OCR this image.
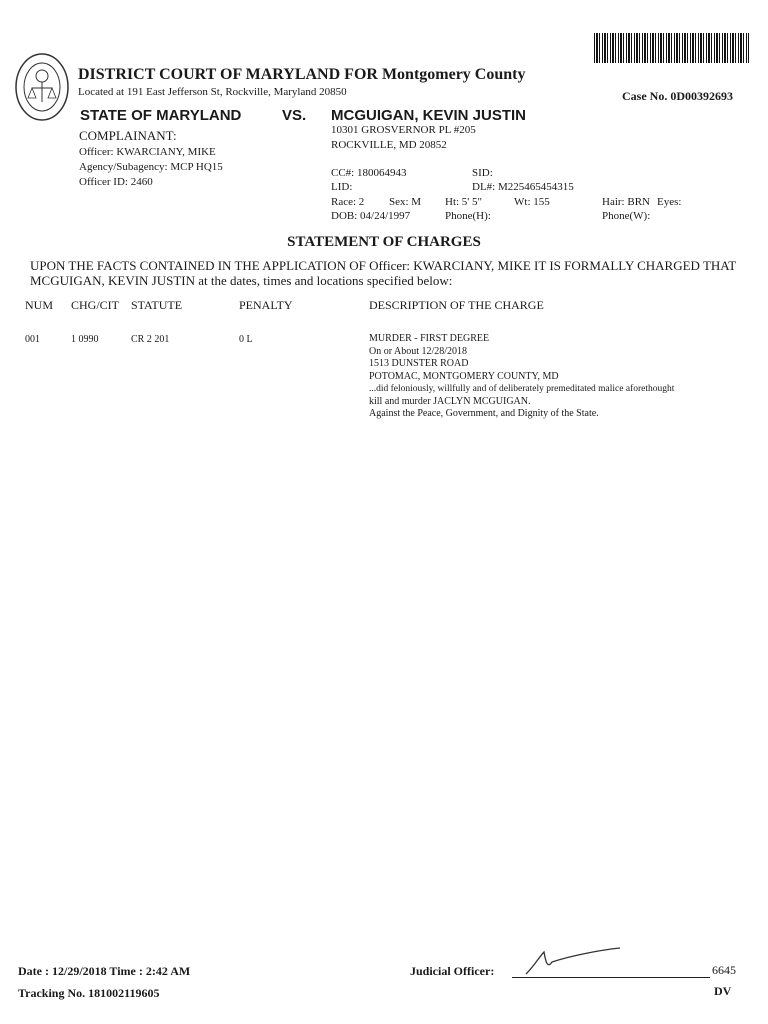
DISTRICT COURT OF MARYLAND FOR Montgomery County
Located at 191 East Jefferson St, Rockville, Maryland 20850	Case No. 0D00392693
STATE OF MARYLAND	VS. MCGUIGAN, KEVIN JUSTIN
10301 GROSVERNOR PL #205
ROCKVILLE, MD 20852
COMPLAINANT:
Officer: KWARCIANY, MIKE
Agency/Subagency: MCP HQ15
Officer ID: 2460
CC#: 180064943	SID:
LID:	DL#: M225465454315
Race: 2 Sex: M Ht: 5' 5"	Wt: 155	Hair: BRN Eyes:
DOB: 04/24/1997	Phone(H):	Phone(W):
STATEMENT OF CHARGES
UPON THE FACTS CONTAINED IN THE APPLICATION OF Officer: KWARCIANY, MIKE IT IS FORMALLY CHARGED THAT MCGUIGAN, KEVIN JUSTIN at the dates, times and locations specified below:
NUM CHG/CIT STATUTE	PENALTY	DESCRIPTION OF THE CHARGE
001	1 0990	CR 2 201	0 L	MURDER - FIRST DEGREE
On or About 12/28/2018
1513 DUNSTER ROAD
POTOMAC, MONTGOMERY COUNTY, MD
...did feloniously, willfully and of deliberately premeditated malice aforethought
kill and murder JACLYN MCGUIGAN.
Against the Peace, Government, and Dignity of the State.
Date : 12/29/2018 Time : 2:42 AM
Tracking No. 181002119605
Judicial Officer:	6645
DV
